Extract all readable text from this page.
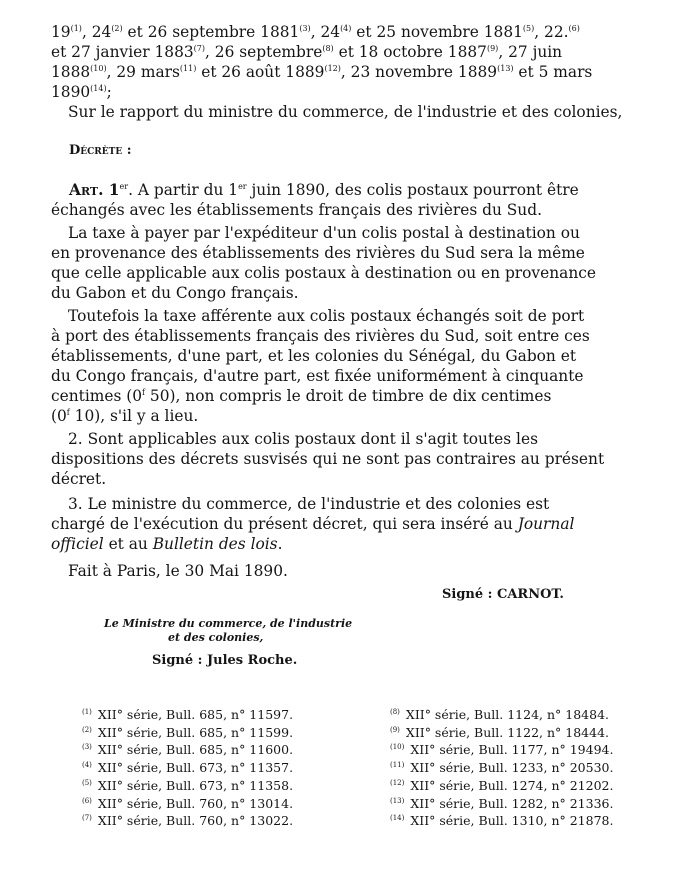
19$^{(1)}$, 24$^{(2)}$ et 26 septembre 1881$^{(3)}$, 24$^{(4)}$ et 25 novembre 1881$^{(5)}$, 22.$^{(6)}$
et 27 janvier 1883$^{(7)}$, 26 septembre$^{(8)}$ et 18 octobre 1887$^{(9)}$, 27 juin
1888$^{(10)}$, 29 mars$^{(11)}$ et 26 août 1889$^{(12)}$, 23 novembre 1889$^{(13)}$ et 5 mars
1890$^{(14)}$;
Sur le rapport du ministre du commerce, de l'industrie et des colonies,
Décrète :
Art. 1er. A partir du 1er juin 1890, des colis postaux pourront être
échangés avec les établissements français des rivières du Sud.
La taxe à payer par l'expéditeur d'un colis postal à destination ou
en provenance des établissements des rivières du Sud sera la même
que celle applicable aux colis postaux à destination ou en provenance
du Gabon et du Congo français.
Toutefois la taxe afférente aux colis postaux échangés soit de port
à port des établissements français des rivières du Sud, soit entre ces
établissements, d'une part, et les colonies du Sénégal, du Gabon et
du Congo français, d'autre part, est fixée uniformément à cinquante
centimes (0$^f$ 50), non compris le droit de timbre de dix centimes
(0$^f$ 10), s'il y a lieu.
2. Sont applicables aux colis postaux dont il s'agit toutes les
dispositions des décrets susvisés qui ne sont pas contraires au présent
décret.
3. Le ministre du commerce, de l'industrie et des colonies est
chargé de l'exécution du présent décret, qui sera inséré au Journal
officiel et au Bulletin des lois.
Fait à Paris, le 30 Mai 1890.
Signé : CARNOT.
Le Ministre du commerce, de l'industrie
et des colonies,
Signé : Jules Roche.
$^{(1)}$ XII° série, Bull. 685, n° 11597.
$^{(2)}$ XII° série, Bull. 685, n° 11599.
$^{(3)}$ XII° série, Bull. 685, n° 11600.
$^{(4)}$ XII° série, Bull. 673, n° 11357.
$^{(5)}$ XII° série, Bull. 673, n° 11358.
$^{(6)}$ XII° série, Bull. 760, n° 13014.
$^{(7)}$ XII° série, Bull. 760, n° 13022.
$^{(8)}$ XII° série, Bull. 1124, n° 18484.
$^{(9)}$ XII° série, Bull. 1122, n° 18444.
$^{(10)}$ XII° série, Bull. 1177, n° 19494.
$^{(11)}$ XII° série, Bull. 1233, n° 20530.
$^{(12)}$ XII° série, Bull. 1274, n° 21202.
$^{(13)}$ XII° série, Bull. 1282, n° 21336.
$^{(14)}$ XII° série, Bull. 1310, n° 21878.
